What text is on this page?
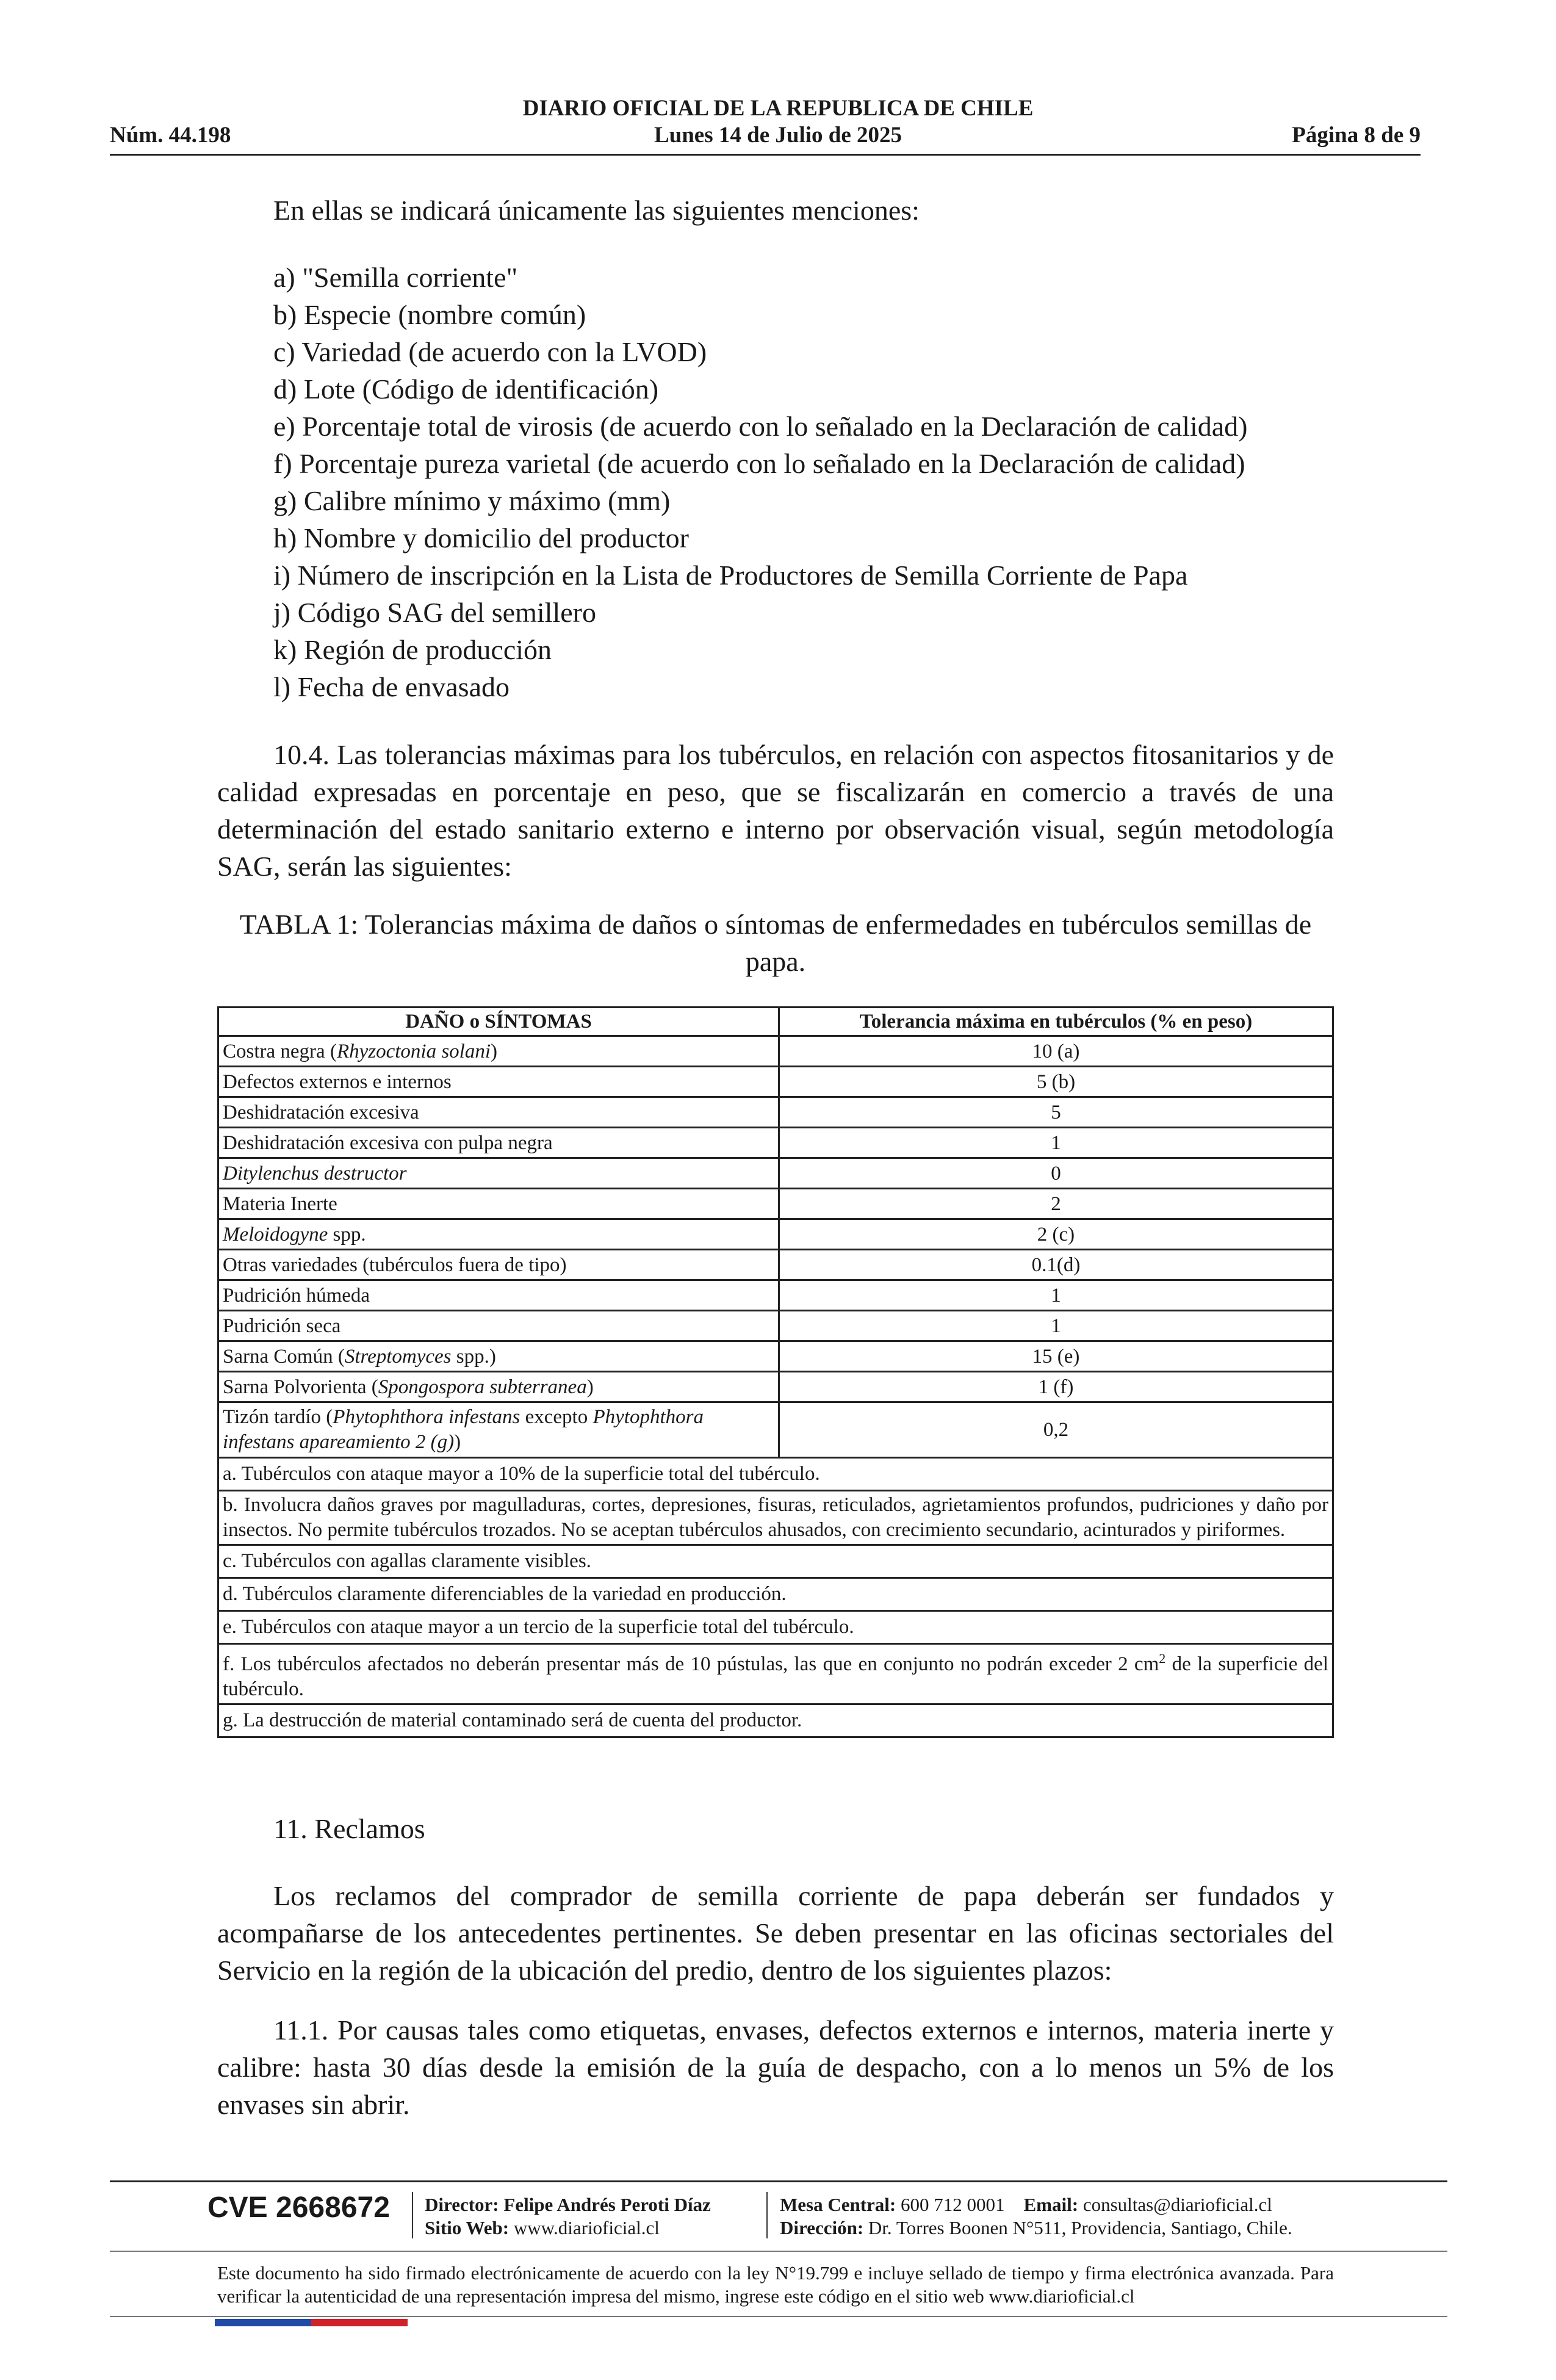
DIARIO OFICIAL DE LA REPUBLICA DE CHILE
Núm. 44.198	Lunes 14 de Julio de 2025	Página 8 de 9
En ellas se indicará únicamente las siguientes menciones:
a) "Semilla corriente"
b) Especie (nombre común)
c) Variedad (de acuerdo con la LVOD)
d) Lote (Código de identificación)
e) Porcentaje total de virosis (de acuerdo con lo señalado en la Declaración de calidad)
f) Porcentaje pureza varietal (de acuerdo con lo señalado en la Declaración de calidad)
g) Calibre mínimo y máximo (mm)
h) Nombre y domicilio del productor
i) Número de inscripción en la Lista de Productores de Semilla Corriente de Papa
j) Código SAG del semillero
k) Región de producción
l) Fecha de envasado
10.4. Las tolerancias máximas para los tubérculos, en relación con aspectos fitosanitarios y de calidad expresadas en porcentaje en peso, que se fiscalizarán en comercio a través de una determinación del estado sanitario externo e interno por observación visual, según metodología SAG, serán las siguientes:
TABLA 1: Tolerancias máxima de daños o síntomas de enfermedades en tubérculos semillas de papa.
DAÑO o SÍNTOMAS	Tolerancia máxima en tubérculos (% en peso)
Costra negra (Rhyzoctonia solani)	10 (a)
Defectos externos e internos	5 (b)
Deshidratación excesiva	5
Deshidratación excesiva con pulpa negra	1
Ditylenchus destructor	0
Materia Inerte	2
Meloidogyne spp.	2 (c)
Otras variedades (tubérculos fuera de tipo)	0.1(d)
Pudrición húmeda	1
Pudrición seca	1
Sarna Común (Streptomyces spp.)	15 (e)
Sarna Polvorienta (Spongospora subterranea)	1 (f)
Tizón tardío (Phytophthora infestans excepto Phytophthora infestans apareamiento 2 (g))	0,2
a. Tubérculos con ataque mayor a 10% de la superficie total del tubérculo.	
b. Involucra daños graves por magulladuras, cortes, depresiones, fisuras, reticulados, agrietamientos profundos, pudriciones y daño por insectos. No permite tubérculos trozados. No se aceptan tubérculos ahusados, con crecimiento secundario, acinturados y piriformes.	
c. Tubérculos con agallas claramente visibles.	
d. Tubérculos claramente diferenciables de la variedad en producción.	
e. Tubérculos con ataque mayor a un tercio de la superficie total del tubérculo.	
f. Los tubérculos afectados no deberán presentar más de 10 pústulas, las que en conjunto no podrán exceder 2 $cm^2$ de la superficie del tubérculo.	
g. La destrucción de material contaminado será de cuenta del productor.	
11. Reclamos
Los reclamos del comprador de semilla corriente de papa deberán ser fundados y acompañarse de los antecedentes pertinentes. Se deben presentar en las oficinas sectoriales del Servicio en la región de la ubicación del predio, dentro de los siguientes plazos:
11.1. Por causas tales como etiquetas, envases, defectos externos e internos, materia inerte y calibre: hasta 30 días desde la emisión de la guía de despacho, con a lo menos un 5% de los envases sin abrir.
CVE 2668672 Director: Felipe Andrés Peroti Díaz
Sitio Web: www.diarioficial.cl
Mesa Central: 600 712 0001 Email: consultas@diarioficial.cl
Dirección: Dr. Torres Boonen N°511, Providencia, Santiago, Chile.
Este documento ha sido firmado electrónicamente de acuerdo con la ley N°19.799 e incluye sellado de tiempo y firma electrónica avanzada. Para verificar la autenticidad de una representación impresa del mismo, ingrese este código en el sitio web www.diarioficial.cl
